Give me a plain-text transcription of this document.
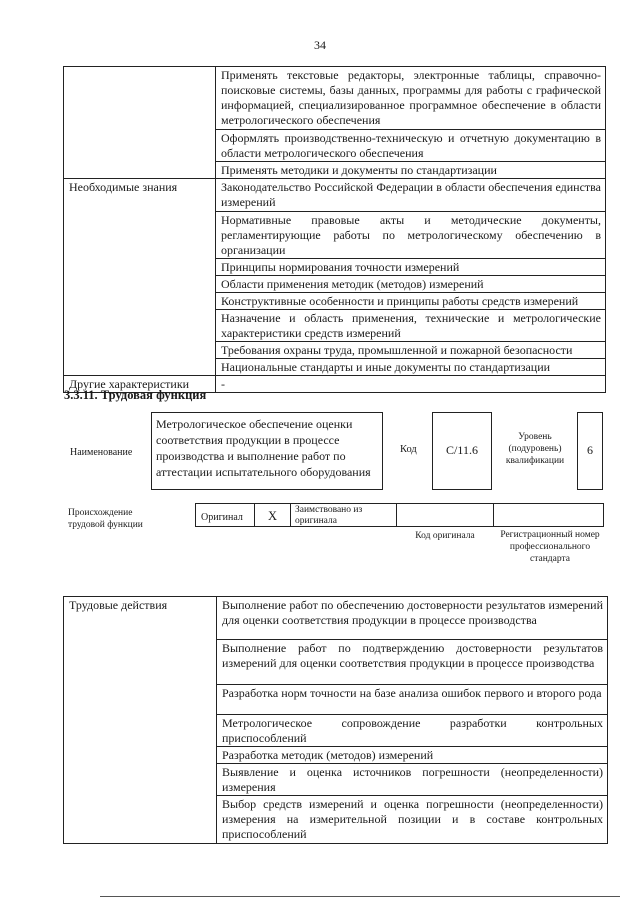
34
	Применять текстовые редакторы, электронные таблицы, справочно-поисковые системы, базы данных, программы для работы с графической информацией, специализированное программное обеспечение в области метрологического обеспечения
	Оформлять производственно-техническую и отчетную документацию в области метрологического обеспечения
	Применять методики и документы по стандартизации
Необходимые знания	Законодательство Российской Федерации в области обеспечения единства измерений
	Нормативные правовые акты и методические документы, регламентирующие работы по метрологическому обеспечению в организации
	Принципы нормирования точности измерений
	Области применения методик (методов) измерений
	Конструктивные особенности и принципы работы средств измерений
	Назначение и область применения, технические и метрологические характеристики средств измерений
	Требования охраны труда, промышленной и пожарной безопасности
	Национальные стандарты и иные документы по стандартизации
Другие характеристики	-
3.3.11. Трудовая функция
Наименование
Метрологическое обеспечение оценки соответствия продукции в процессе производства и выполнение работ по аттестации испытательного оборудования
Код	C/11.6
Уровень (подуровень) квалификации
6
Происхождение трудовой функции
Оригинал	X	Заимствовано из оригинала
Код оригинала	Регистрационный номер профессионального стандарта
Трудовые действия	Выполнение работ по обеспечению достоверности результатов измерений для оценки соответствия продукции в процессе производства
Выполнение работ по подтверждению достоверности результатов измерений для оценки соответствия продукции в процессе производства
Разработка норм точности на базе анализа ошибок первого и второго рода
Метрологическое сопровождение разработки контрольных приспособлений
Разработка методик (методов) измерений
Выявление и оценка источников погрешности (неопределенности) измерения
Выбор средств измерений и оценка погрешности (неопределенности) измерения на измерительной позиции и в составе контрольных приспособлений
